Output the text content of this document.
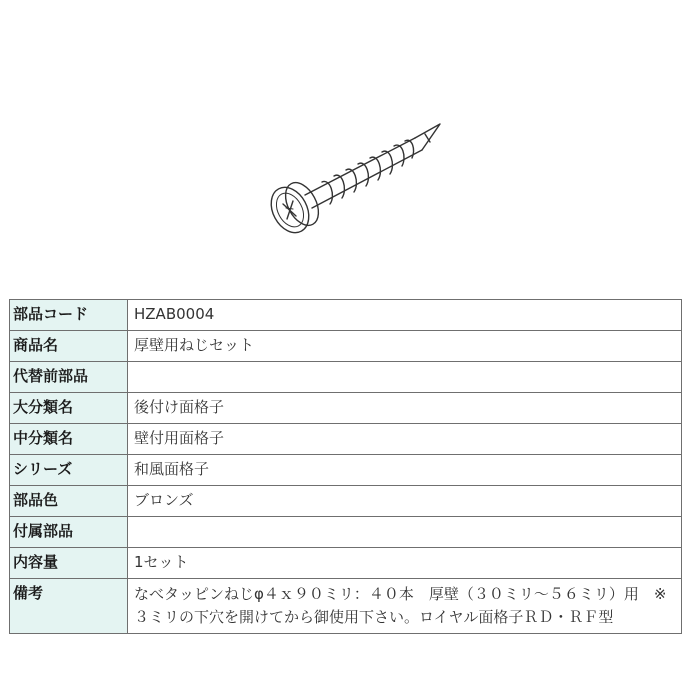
部品コード	HZAB0004
商品名	厚壁用ねじセット
代替前部品	
大分類名	後付け面格子
中分類名	壁付用面格子
シリーズ	和風面格子
部品色	ブロンズ
付属部品	
内容量	1セット
備考	なべタッピンねじφ４ｘ９０ミリ：４０本　厚壁（３０ミリ〜５６ミリ）用　※３ミリの下穴を開けてから御使用下さい。ロイヤル面格子ＲＤ・ＲＦ型
